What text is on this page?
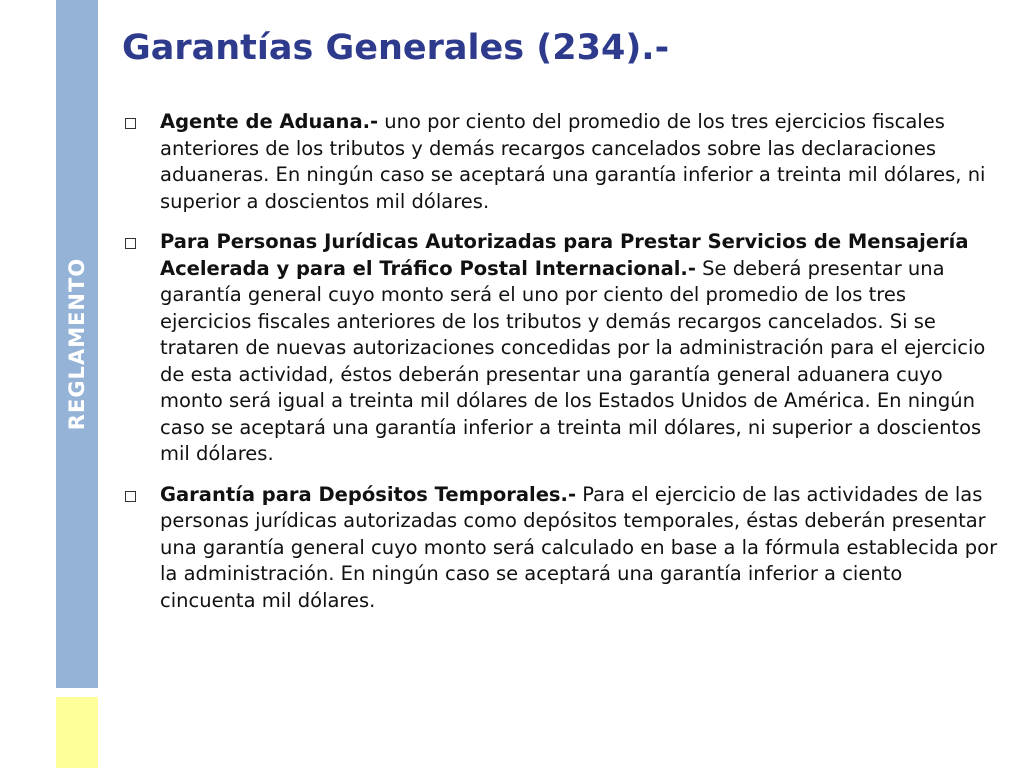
REGLAMENTO
Garantías Generales (234).-
Agente de Aduana.- uno por ciento del promedio de los tres ejercicios fiscales anteriores de los tributos y demás recargos cancelados sobre las declaraciones aduaneras. En ningún caso se aceptará una garantía inferior a treinta mil dólares, ni superior a doscientos mil dólares.
Para Personas Jurídicas Autorizadas para Prestar Servicios de Mensajería Acelerada y para el Tráfico Postal Internacional.- Se deberá presentar una garantía general cuyo monto será el uno por ciento del promedio de los tres ejercicios fiscales anteriores de los tributos y demás recargos cancelados. Si se trataren de nuevas autorizaciones concedidas por la administración para el ejercicio de esta actividad, éstos deberán presentar una garantía general aduanera cuyo monto será igual a treinta mil dólares de los Estados Unidos de América. En ningún caso se aceptará una garantía inferior a treinta mil dólares, ni superior a doscientos mil dólares.
Garantía para Depósitos Temporales.- Para el ejercicio de las actividades de las personas jurídicas autorizadas como depósitos temporales, éstas deberán presentar una garantía general cuyo monto será calculado en base a la fórmula establecida por la administración. En ningún caso se aceptará una garantía inferior a ciento cincuenta mil dólares.
